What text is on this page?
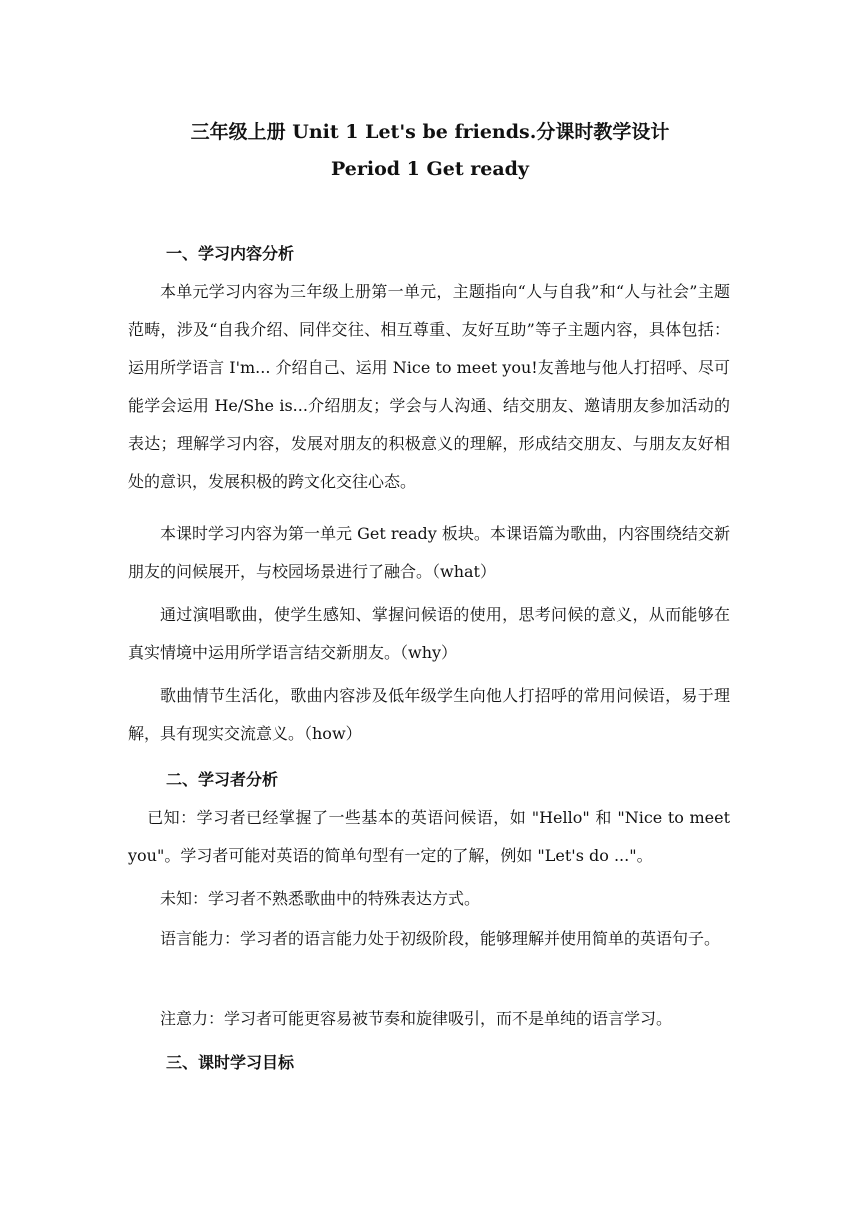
三年级上册 Unit 1 Let's be friends.分课时教学设计
Period 1 Get ready
一、学习内容分析
本单元学习内容为三年级上册第一单元，主题指向“人与自我”和“人与社会”主题范畴，涉及“自我介绍、同伴交往、相互尊重、友好互助”等子主题内容，具体包括：运用所学语言 I'm... 介绍自己、运用 Nice to meet you!友善地与他人打招呼、尽可能学会运用 He/She is...介绍朋友；学会与人沟通、结交朋友、邀请朋友参加活动的表达；理解学习内容，发展对朋友的积极意义的理解，形成结交朋友、与朋友友好相处的意识，发展积极的跨文化交往心态。
本课时学习内容为第一单元 Get ready 板块。本课语篇为歌曲，内容围绕结交新朋友的问候展开，与校园场景进行了融合。（what）
通过演唱歌曲，使学生感知、掌握问候语的使用，思考问候的意义，从而能够在真实情境中运用所学语言结交新朋友。（why）
歌曲情节生活化，歌曲内容涉及低年级学生向他人打招呼的常用问候语，易于理解，具有现实交流意义。（how）
二、学习者分析
已知：学习者已经掌握了一些基本的英语问候语，如 "Hello" 和 "Nice to meet you"。学习者可能对英语的简单句型有一定的了解，例如 "Let's do ..."。
未知：学习者不熟悉歌曲中的特殊表达方式。
语言能力：学习者的语言能力处于初级阶段，能够理解并使用简单的英语句子。
注意力：学习者可能更容易被节奏和旋律吸引，而不是单纯的语言学习。
三、课时学习目标
